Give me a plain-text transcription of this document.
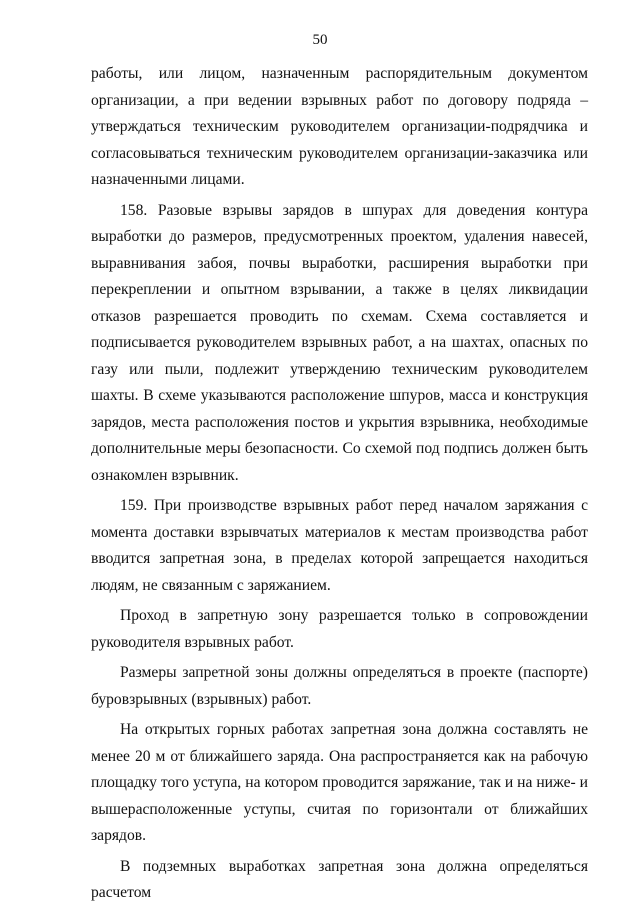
50

работы, или лицом, назначенным распорядительным документом организации, а при ведении взрывных работ по договору подряда – утверждаться техническим руководителем организации-подрядчика и согласовываться техническим руководителем организации-заказчика или назначенными лицами.

158. Разовые взрывы зарядов в шпурах для доведения контура выработки до размеров, предусмотренных проектом, удаления навесей, выравнивания забоя, почвы выработки, расширения выработки при перекреплении и опытном взрывании, а также в целях ликвидации отказов разрешается проводить по схемам. Схема составляется и подписывается руководителем взрывных работ, а на шахтах, опасных по газу или пыли, подлежит утверждению техническим руководителем шахты. В схеме указываются расположение шпуров, масса и конструкция зарядов, места расположения постов и укрытия взрывника, необходимые дополнительные меры безопасности. Со схемой под подпись должен быть ознакомлен взрывник.

159. При производстве взрывных работ перед началом заряжания с момента доставки взрывчатых материалов к местам производства работ вводится запретная зона, в пределах которой запрещается находиться людям, не связанным с заряжанием.

Проход в запретную зону разрешается только в сопровождении руководителя взрывных работ.

Размеры запретной зоны должны определяться в проекте (паспорте) буровзрывных (взрывных) работ.

На открытых горных работах запретная зона должна составлять не менее 20 м от ближайшего заряда. Она распространяется как на рабочую площадку того уступа, на котором проводится заряжание, так и на ниже- и вышерасположенные уступы, считая по горизонтали от ближайших зарядов.

В подземных выработках запретная зона должна определяться расчетом
